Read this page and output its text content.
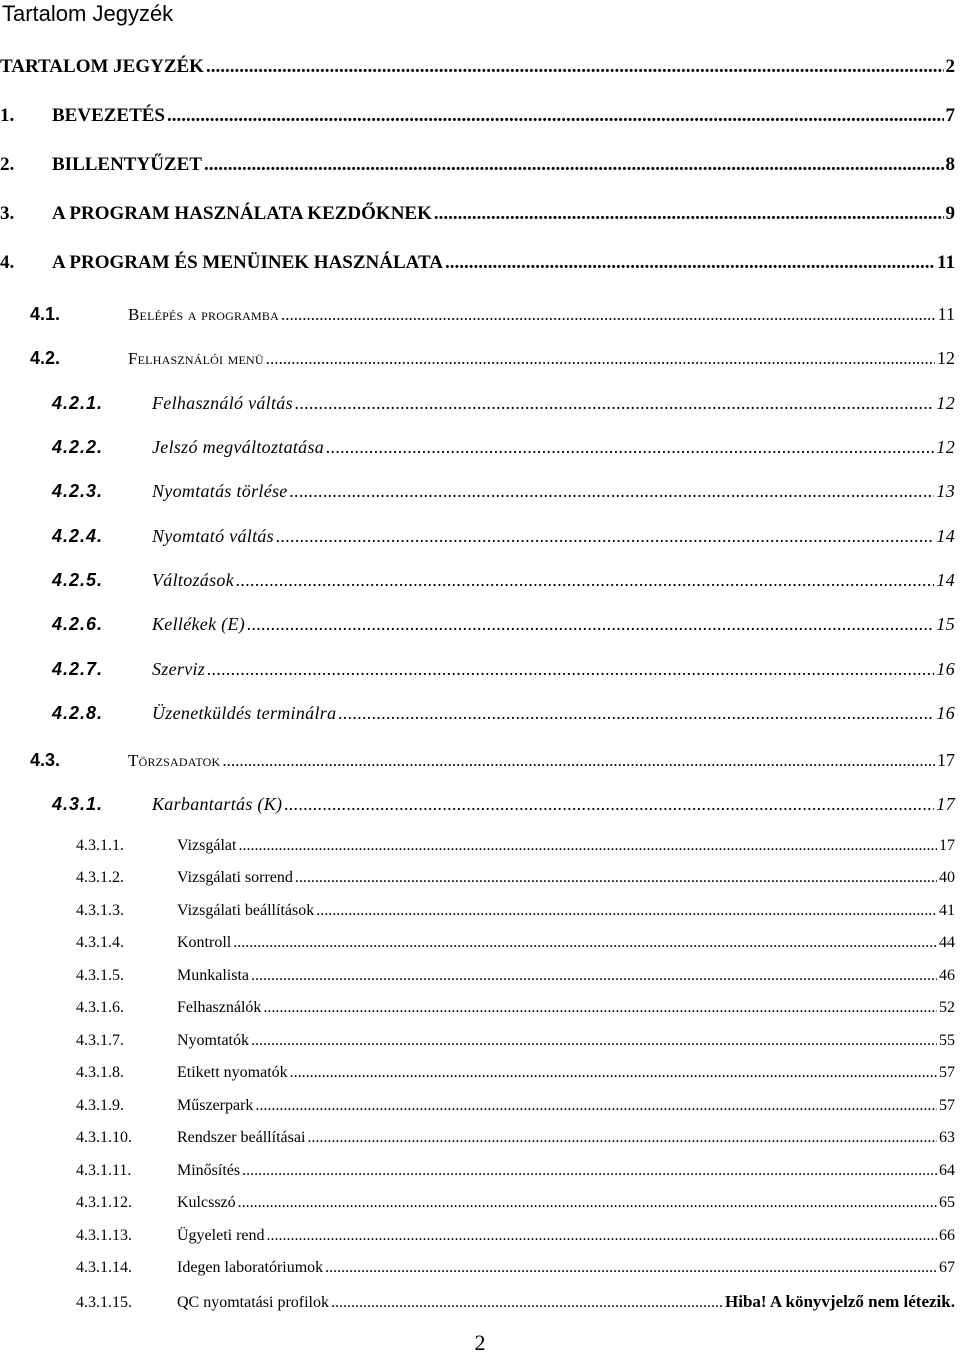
Tartalom Jegyzék
TARTALOM JEGYZÉK .....	2
1.	BEVEZETÉS .....	7
2.	BILLENTYŰZET .....	8
3.	A PROGRAM HASZNÁLATA KEZDŐKNEK .....	9
4.	A PROGRAM ÉS MENÜINEK HASZNÁLATA .....	11
4.1.	Belépés a programba .....	11
4.2.	Felhasználói menü .....	12
4.2.1.	Felhasználó váltás .....	12
4.2.2.	Jelszó megváltoztatása .....	12
4.2.3.	Nyomtatás törlése .....	13
4.2.4.	Nyomtató váltás .....	14
4.2.5.	Változások .....	14
4.2.6.	Kellékek (E) .....	15
4.2.7.	Szerviz .....	16
4.2.8.	Üzenetküldés terminálra .....	16
4.3.	Törzsadatok .....	17
4.3.1.	Karbantartás (K) .....	17
4.3.1.1.	Vizsgálat .....	17
4.3.1.2.	Vizsgálati sorrend .....	40
4.3.1.3.	Vizsgálati beállítások .....	41
4.3.1.4.	Kontroll .....	44
4.3.1.5.	Munkalista .....	46
4.3.1.6.	Felhasználók .....	52
4.3.1.7.	Nyomtatók .....	55
4.3.1.8.	Etikett nyomatók .....	57
4.3.1.9.	Műszerpark .....	57
4.3.1.10.	Rendszer beállításai .....	63
4.3.1.11.	Minősítés .....	64
4.3.1.12.	Kulcsszó .....	65
4.3.1.13.	Ügyeleti rend .....	66
4.3.1.14.	Idegen laboratóriumok .....	67
4.3.1.15.	QC nyomtatási profilok .....	Hiba! A könyvjelző nem létezik.
2
